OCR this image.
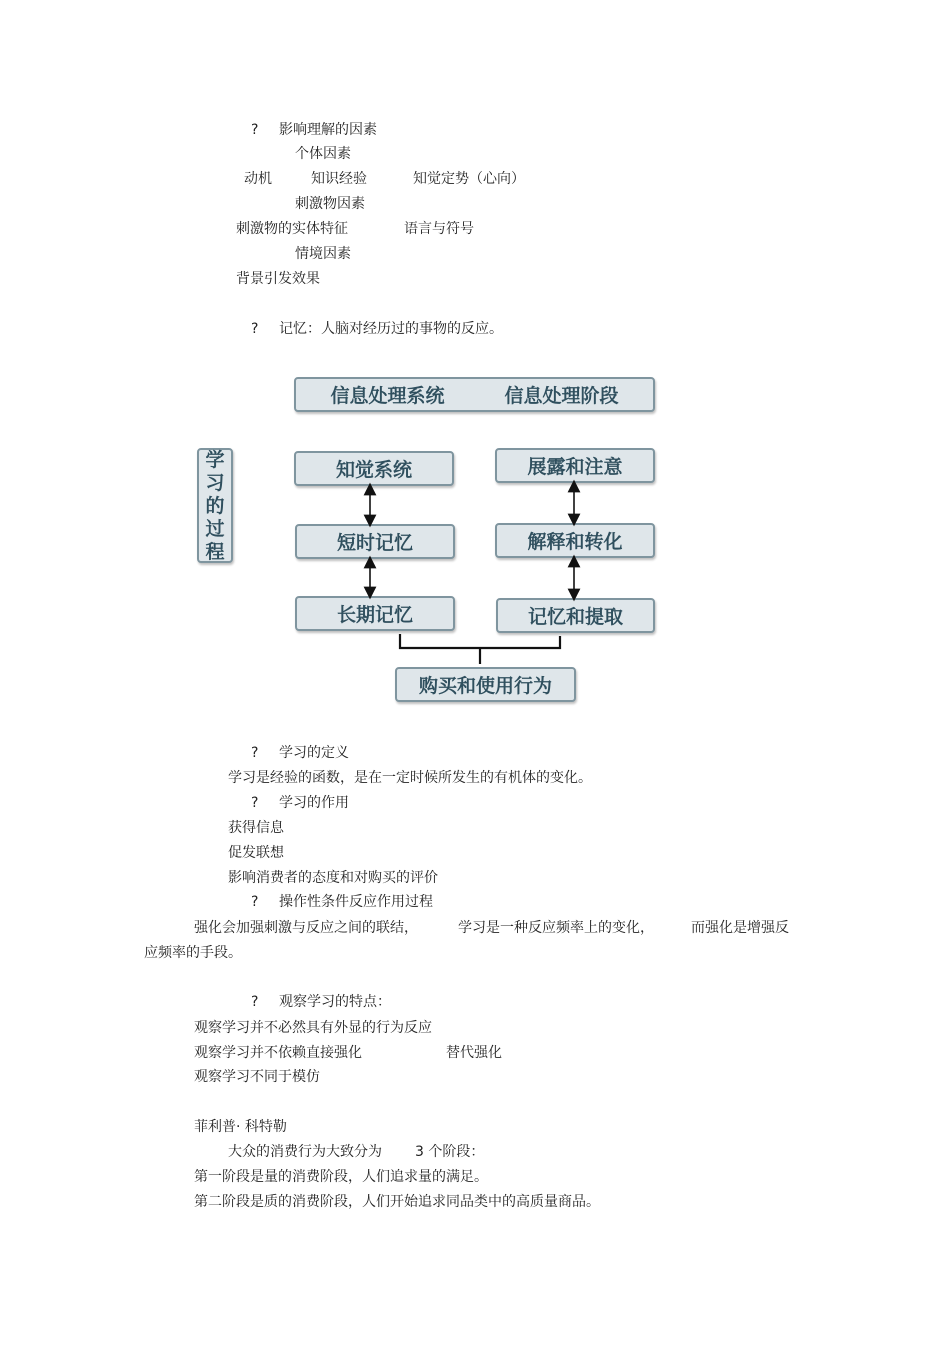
? 影响理解的因素
个体因素
动机	知识经验	知觉定势（心向）
刺激物因素
刺激物的实体特征	语言与符号
情境因素
背景引发效果
? 记忆：人脑对经历过的事物的反应。
信息处理系统	信息处理阶段
学
习
的
过
程
知觉系统
短时记忆
长期记忆
展露和注意
解释和转化
记忆和提取
购买和使用行为
? 学习的定义
学习是经验的函数，是在一定时候所发生的有机体的变化。
? 学习的作用
获得信息
促发联想
影响消费者的态度和对购买的评价
? 操作性条件反应作用过程
强化会加强刺激与反应之间的联结，	学习是一种反应频率上的变化，	而强化是增强反
应频率的手段。
? 观察学习的特点：
观察学习并不必然具有外显的行为反应
观察学习并不依赖直接强化	替代强化
观察学习不同于模仿
菲利普· 科特勒
大众的消费行为大致分为 3 个阶段：
第一阶段是量的消费阶段，人们追求量的满足。
第二阶段是质的消费阶段，人们开始追求同品类中的高质量商品。
